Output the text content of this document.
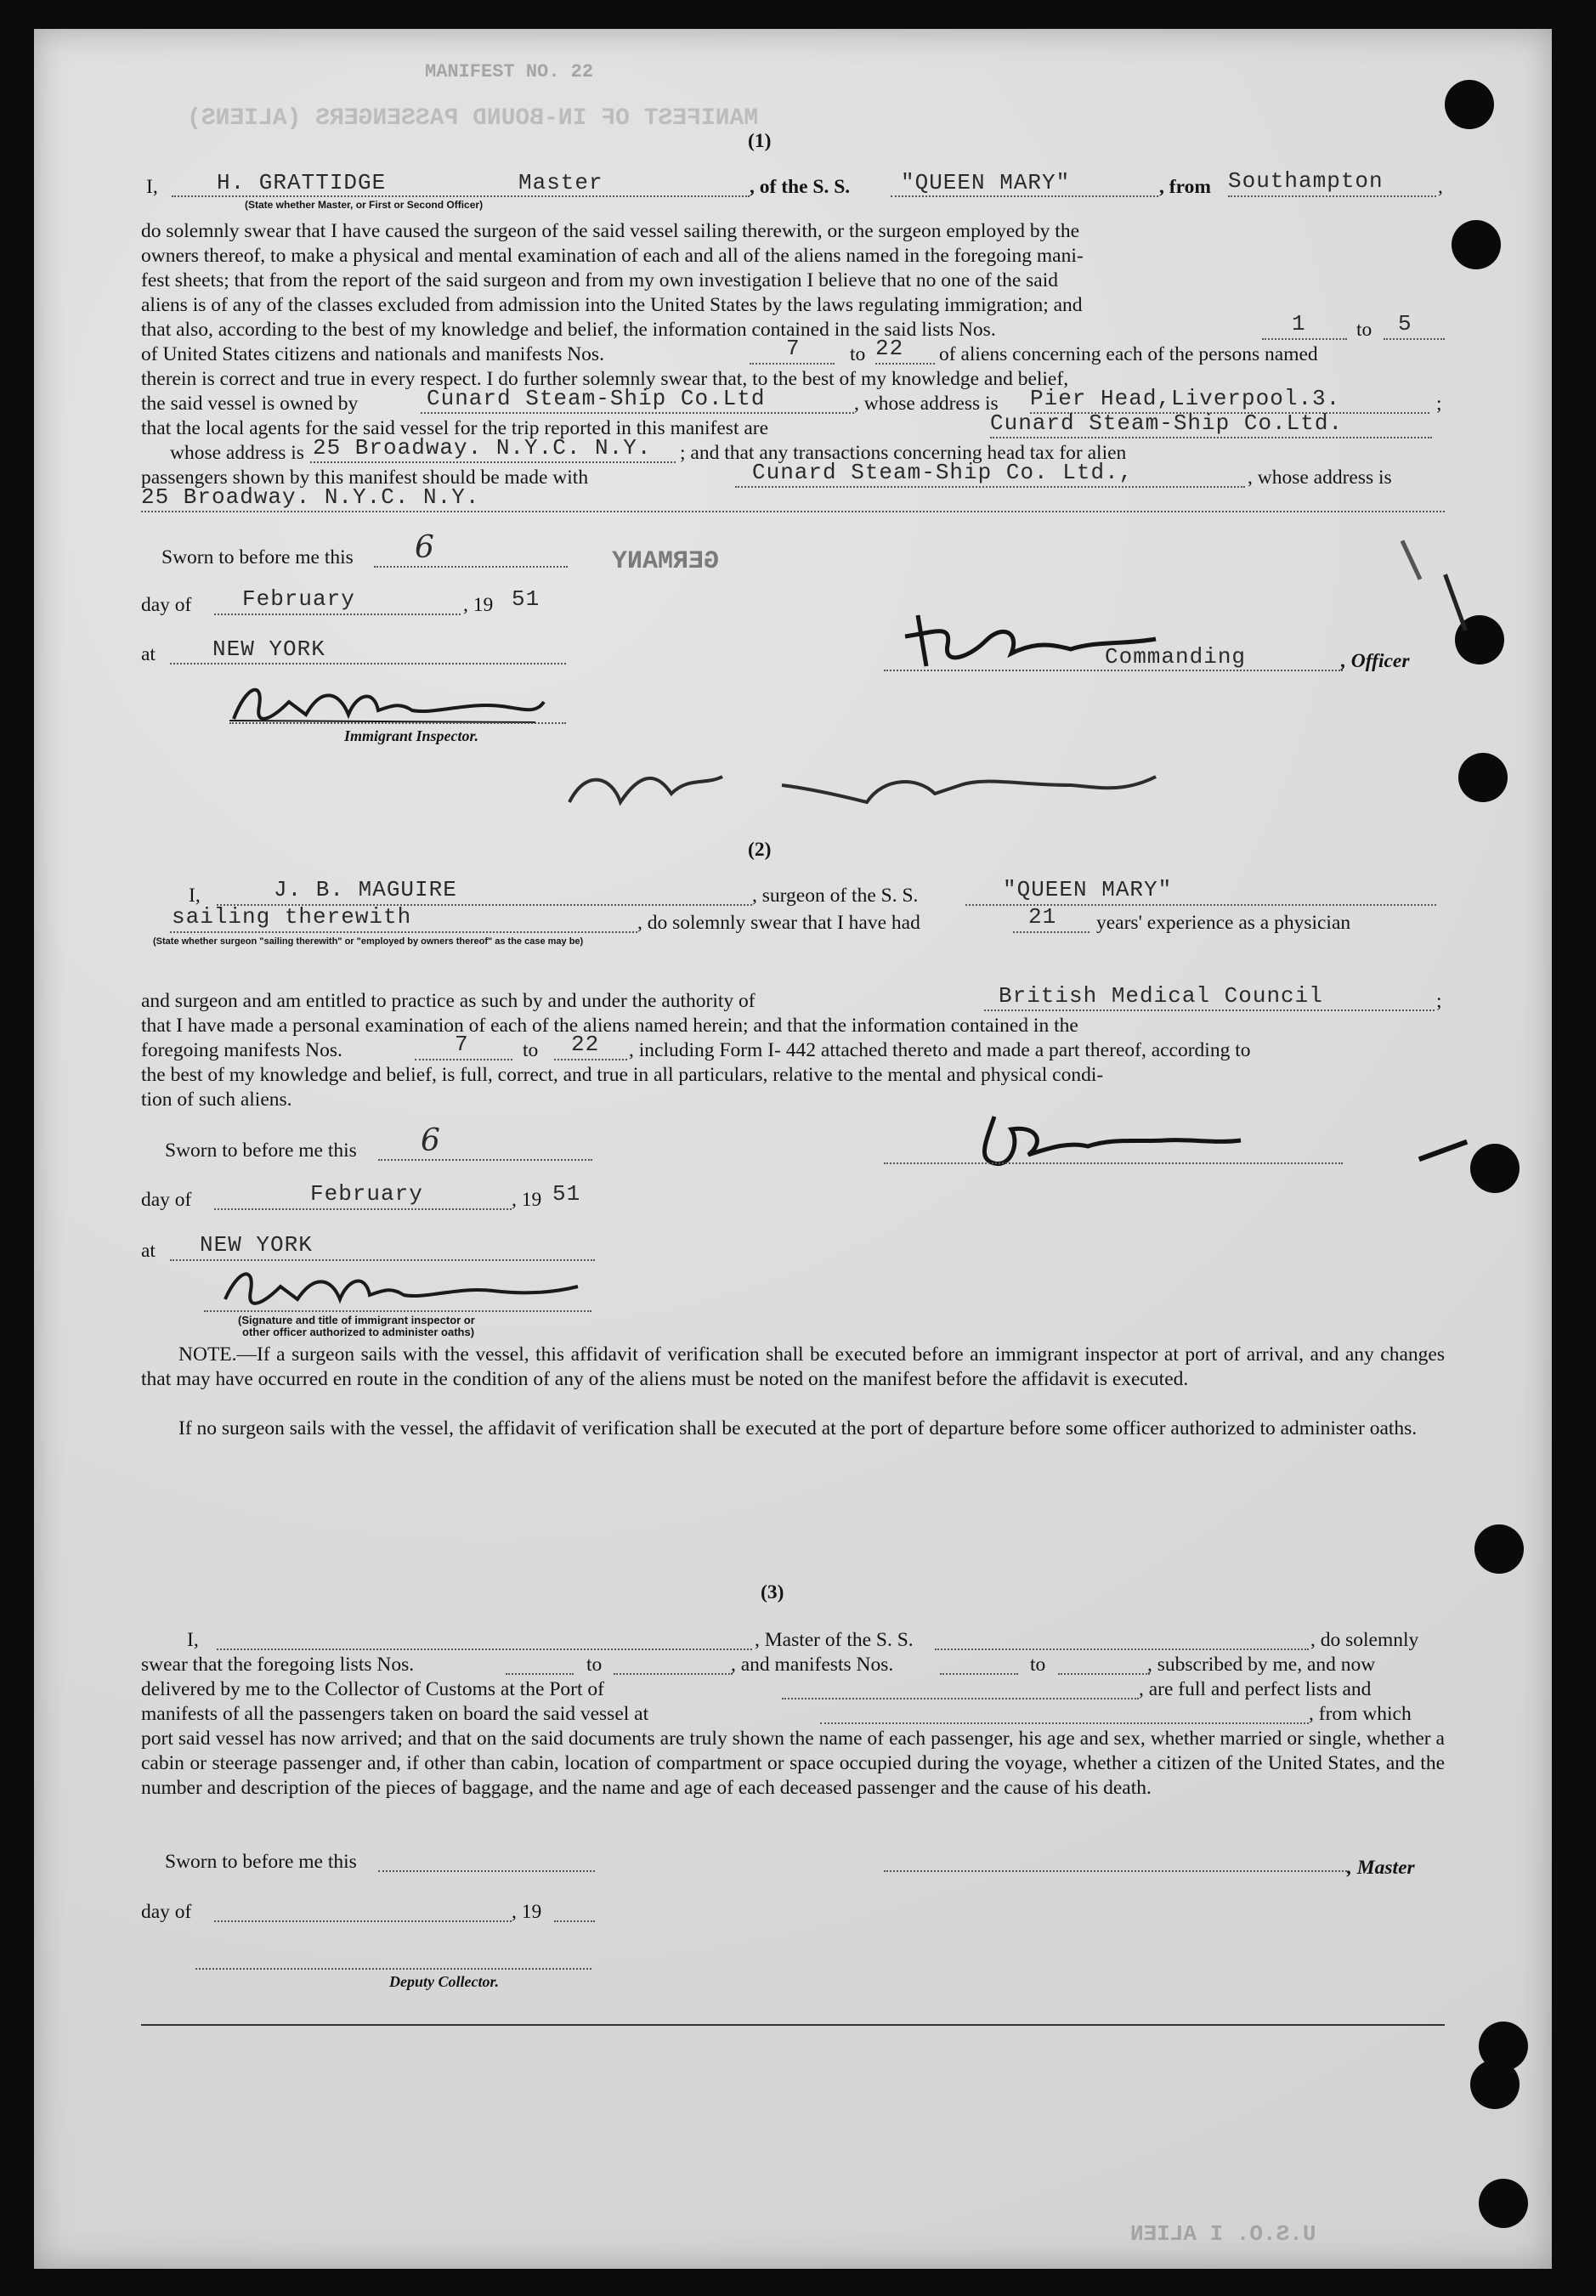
MANIFEST NO. 22
MANIFEST OF IN-BOUND PASSENGERS (ALIENS)
(1)
I,	H. GRATTIDGE	Master
(State whether Master, or First or Second Officer)
, of the S. S. "QUEEN MARY"	, from Southampton	,
do solemnly swear that I have caused the surgeon of the said vessel sailing therewith, or the surgeon employed by the
owners thereof, to make a physical and mental examination of each and all of the aliens named in the foregoing mani-
fest sheets; that from the report of the said surgeon and from my own investigation I believe that no one of the said
aliens is of any of the classes excluded from admission into the United States by the laws regulating immigration; and
that also, according to the best of my knowledge and belief, the information contained in the said lists Nos.	1	to 5
of United States citizens and nationals and manifests Nos.	7 to 22 of aliens concerning each of the persons named
therein is correct and true in every respect. I do further solemnly swear that, to the best of my knowledge and belief,
the said vessel is owned by	Cunard Steam-Ship Co.Ltd	, whose address is Pier Head,Liverpool.3.	;
that the local agents for the said vessel for the trip reported in this manifest are	Cunard Steam-Ship Co.Ltd.
whose address is 25 Broadway. N.Y.C. N.Y. ; and that any transactions concerning head tax for alien
passengers shown by this manifest should be made with	Cunard Steam-Ship Co. Ltd.,	, whose address is
25 Broadway. N.Y.C. N.Y.
GERMANY
Sworn to before me this 6
day of February	, 19 51
at	NEW YORK
Immigrant Inspector.
Commanding	, Officer
(2)
I,	J. B. MAGUIRE	, surgeon of the S. S.	"QUEEN MARY"
sailing therewith
(State whether surgeon "sailing therewith" or "employed by owners thereof" as the case may be)
, do solemnly swear that I have had	21 years' experience as a physician
and surgeon and am entitled to practice as such by and under the authority of	British Medical Council	;
that I have made a personal examination of each of the aliens named herein; and that the information contained in the
foregoing manifests Nos.	7	to 22 , including Form I- 442 attached thereto and made a part thereof, according to
the best of my knowledge and belief, is full, correct, and true in all particulars, relative to the mental and physical condi-
tion of such aliens.
Sworn to before me this 6
day of	February	, 19 51
at NEW YORK
(Signature and title of immigrant inspector or
other officer authorized to administer oaths)
NOTE.—If a surgeon sails with the vessel, this affidavit of verification shall be executed before an immigrant inspector at port of arrival, and any changes that may have occurred en route in the condition of any of the aliens must be noted on the manifest before the affidavit is executed.
If no surgeon sails with the vessel, the affidavit of verification shall be executed at the port of departure before some officer authorized to administer oaths.
(3)
I,	, Master of the S. S.	, do solemnly
swear that the foregoing lists Nos.	to	, and manifests Nos.	to	, subscribed by me, and now
delivered by me to the Collector of Customs at the Port of	, are full and perfect lists and
manifests of all the passengers taken on board the said vessel at	, from which
port said vessel has now arrived; and that on the said documents are truly shown the name of each passenger, his age and sex, whether married or single, whether a cabin or steerage passenger and, if other than cabin, location of compartment or space occupied during the voyage, whether a citizen of the United States, and the number and description of the pieces of baggage, and the name and age of each deceased passenger and the cause of his death.
Sworn to before me this	, Master
day of	, 19
Deputy Collector.
U.S.O. I ALIEN
